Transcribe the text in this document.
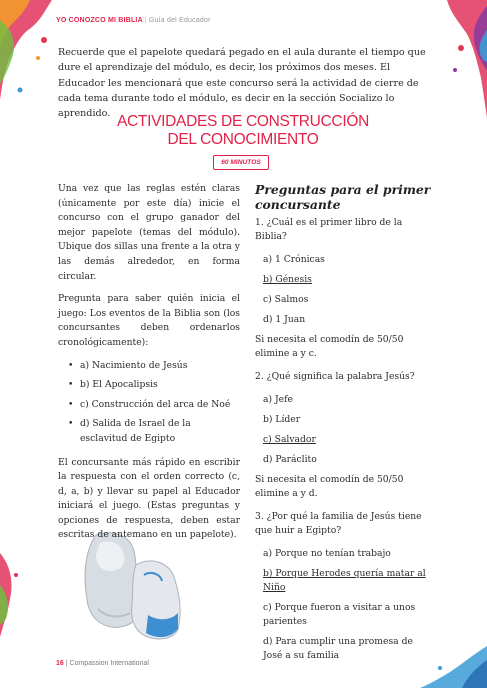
YO CONOZCO MI BIBLIA | Guía del Educador

Recuerde que el papelote quedará pegado en el aula durante el tiempo que dure el aprendizaje del módulo, es decir, los próximos dos meses. El Educador les mencionará que este concurso será la actividad de cierre de cada tema durante todo el módulo, es decir en la sección Socializo lo aprendido. ACTIVIDADES DE CONSTRUCCIÓN
DEL CONOCIMIENTO
60 MINUTOS

Una vez que las reglas estén claras (únicamente por este día) inicie el concurso con el grupo ganador del mejor papelote (temas del módulo). Ubique dos sillas una frente a la otra y las demás alrededor, en forma circular.

Pregunta para saber quién inicia el juego: Los eventos de la Biblia son (los concursantes deben ordenarlos cronológicamente):

• a) Nacimiento de Jesús
• b) El Apocalipsis
• c) Construcción del arca de Noé
• d) Salida de Israel de la esclavitud de Egipto

El concursante más rápido en escribir la respuesta con el orden correcto (c, d, a, b) y llevar su papel al Educador iniciará el juego. (Estas preguntas y opciones de respuesta, deben estar escritas de antemano en un papelote).

Preguntas para el primer concursante

1. ¿Cuál es el primer libro de la Biblia?

a) 1 Crónicas

b) Génesis

c) Salmos

d) 1 Juan

Si necesita el comodín de 50/50 elimine a y c.

2. ¿Qué significa la palabra Jesús?

a) Jefe

b) Líder

c) Salvador

d) Paráclito

Si necesita el comodín de 50/50 elimine a y d.

3. ¿Por qué la familia de Jesús tiene que huir a Egipto?

a) Porque no tenían trabajo

b) Porque Herodes quería matar al Niño

c) Porque fueron a visitar a unos parientes

d) Para cumplir una promesa de José a su familia

16 | Compassion International
